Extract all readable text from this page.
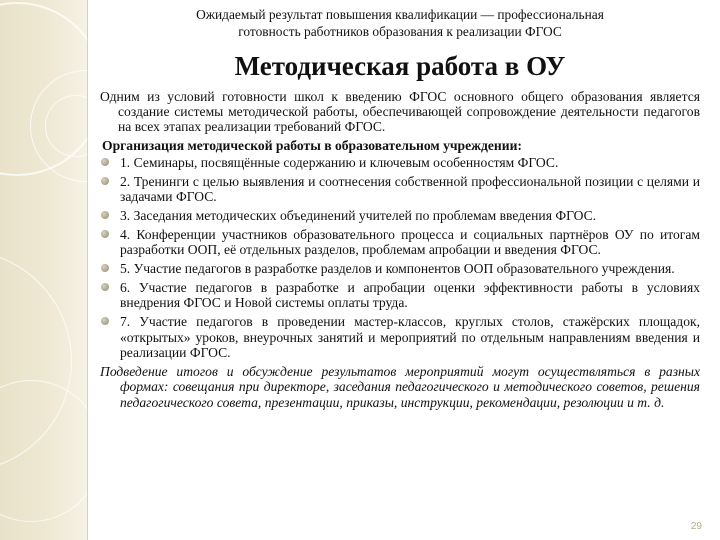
Ожидаемый результат повышения квалификации — профессиональная
готовность работников образования к реализации ФГОС

Методическая работа в ОУ

Одним из условий готовности школ к введению ФГОС основного общего образования является создание системы методической работы, обеспечивающей сопровождение деятельности педагогов на всех этапах реализации требований ФГОС.

Организация методической работы в образовательном учреждении:
1. Семинары, посвящённые содержанию и ключевым особенностям ФГОС.
2. Тренинги с целью выявления и соотнесения собственной профессиональной позиции с целями и задачами ФГОС.
3. Заседания методических объединений учителей по проблемам введения ФГОС.
4. Конференции участников образовательного процесса и социальных партнёров ОУ по итогам разработки ООП, её отдельных разделов, проблемам апробации и введения ФГОС.
5. Участие педагогов в разработке разделов и компонентов ООП образовательного учреждения.
6. Участие педагогов в разработке и апробации оценки эффективности работы в условиях внедрения ФГОС и Новой системы оплаты труда.
7. Участие педагогов в проведении мастер-классов, круглых столов, стажёрских площадок, «открытых» уроков, внеурочных занятий и мероприятий по отдельным направлениям введения и реализации ФГОС.

Подведение итогов и обсуждение результатов мероприятий могут осуществляться в разных формах: совещания при директоре, заседания педагогического и методического советов, решения педагогического совета, презентации, приказы, инструкции, рекомендации, резолюции и т. д.

29
